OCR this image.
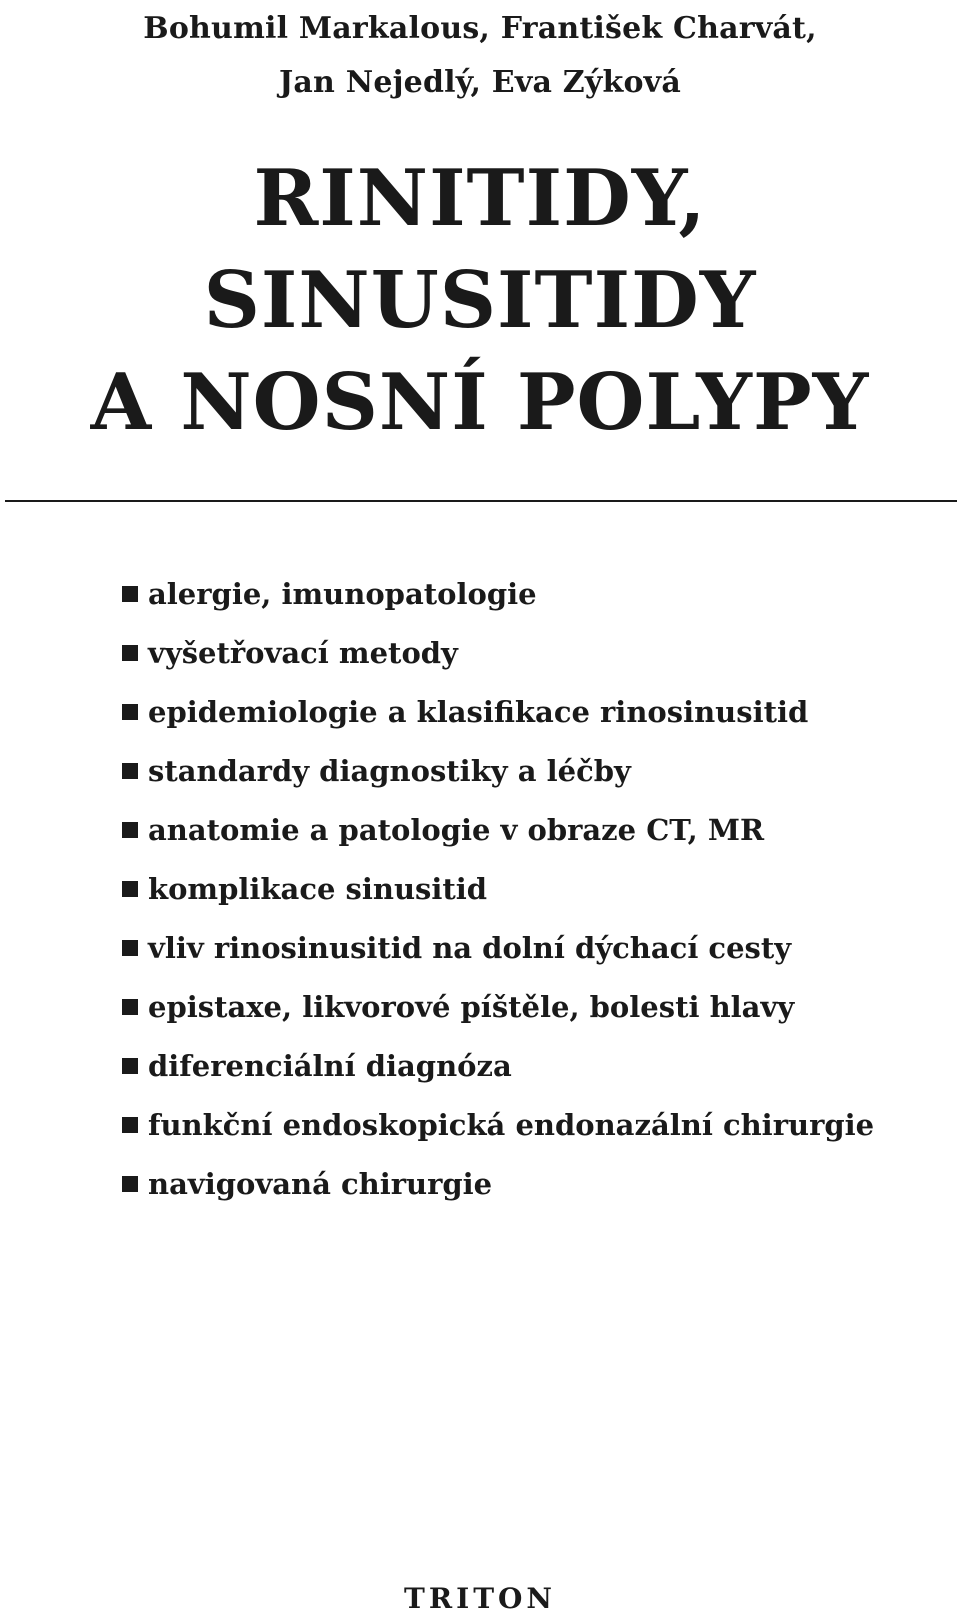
Bohumil Markalous, František Charvát,
Jan Nejedlý, Eva Zýková
RINITIDY,
SINUSITIDY
A NOSNÍ POLYPY
alergie, imunopatologie
vyšetřovací metody
epidemiologie a klasifikace rinosinusitid
standardy diagnostiky a léčby
anatomie a patologie v obraze CT, MR
komplikace sinusitid
vliv rinosinusitid na dolní dýchací cesty
epistaxe, likvorové píštěle, bolesti hlavy
diferenciální diagnóza
funkční endoskopická endonazální chirurgie
navigovaná chirurgie
TRITON
